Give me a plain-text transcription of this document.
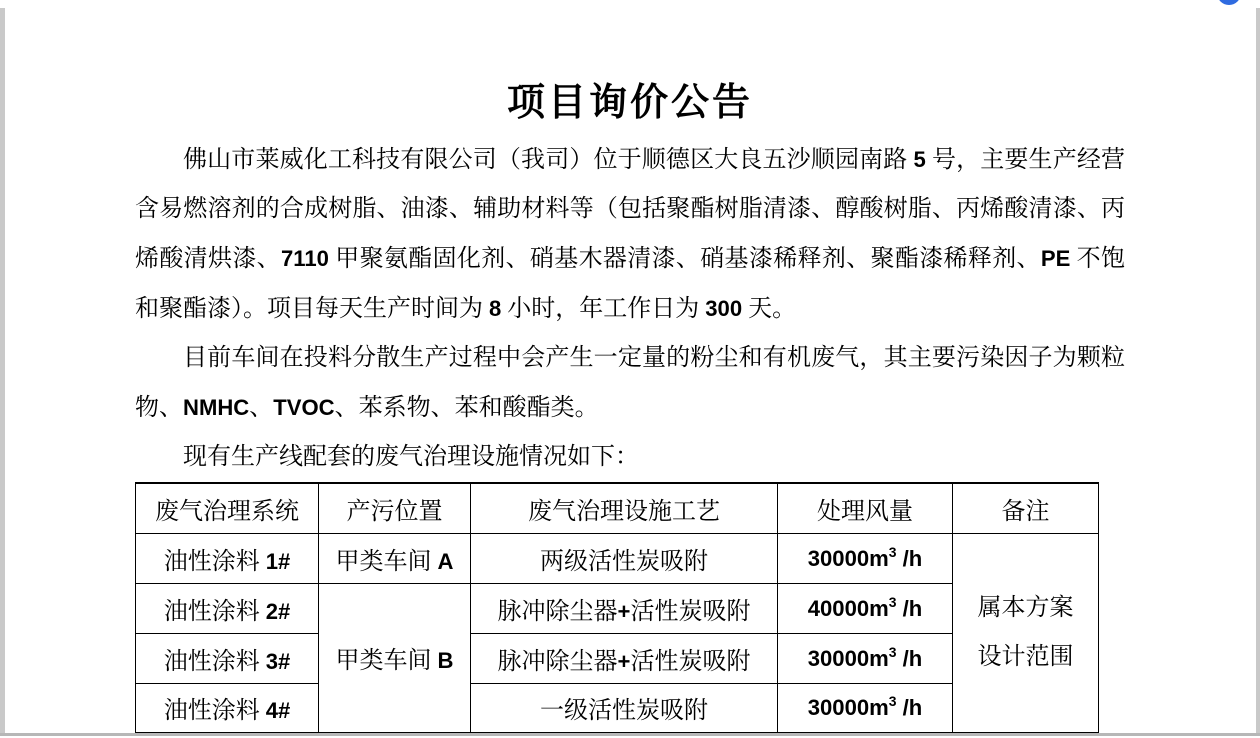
项目询价公告

佛山市莱威化工科技有限公司（我司）位于顺德区大良五沙顺园南路 5 号，主要生产经营含易燃溶剂的合成树脂、油漆、辅助材料等（包括聚酯树脂清漆、醇酸树脂、丙烯酸清漆、丙烯酸清烘漆、7110 甲聚氨酯固化剂、硝基木器清漆、硝基漆稀释剂、聚酯漆稀释剂、PE 不饱和聚酯漆）。项目每天生产时间为 8 小时，年工作日为 300 天。

目前车间在投料分散生产过程中会产生一定量的粉尘和有机废气，其主要污染因子为颗粒物、NMHC、TVOC、苯系物、苯和酸酯类。

现有生产线配套的废气治理设施情况如下：

废气治理系统	产污位置	废气治理设施工艺	处理风量	备注
油性涂料 1#	甲类车间 A	两级活性炭吸附	$30000m^3$ /h	属本方案
设计范围

油性涂料 2#	甲类车间 B	脉冲除尘器+活性炭吸附	$40000m^3$ /h	
油性涂料 3#		脉冲除尘器+活性炭吸附	$30000m^3$ /h	
油性涂料 4#		一级活性炭吸附	$30000m^3$ /h	
